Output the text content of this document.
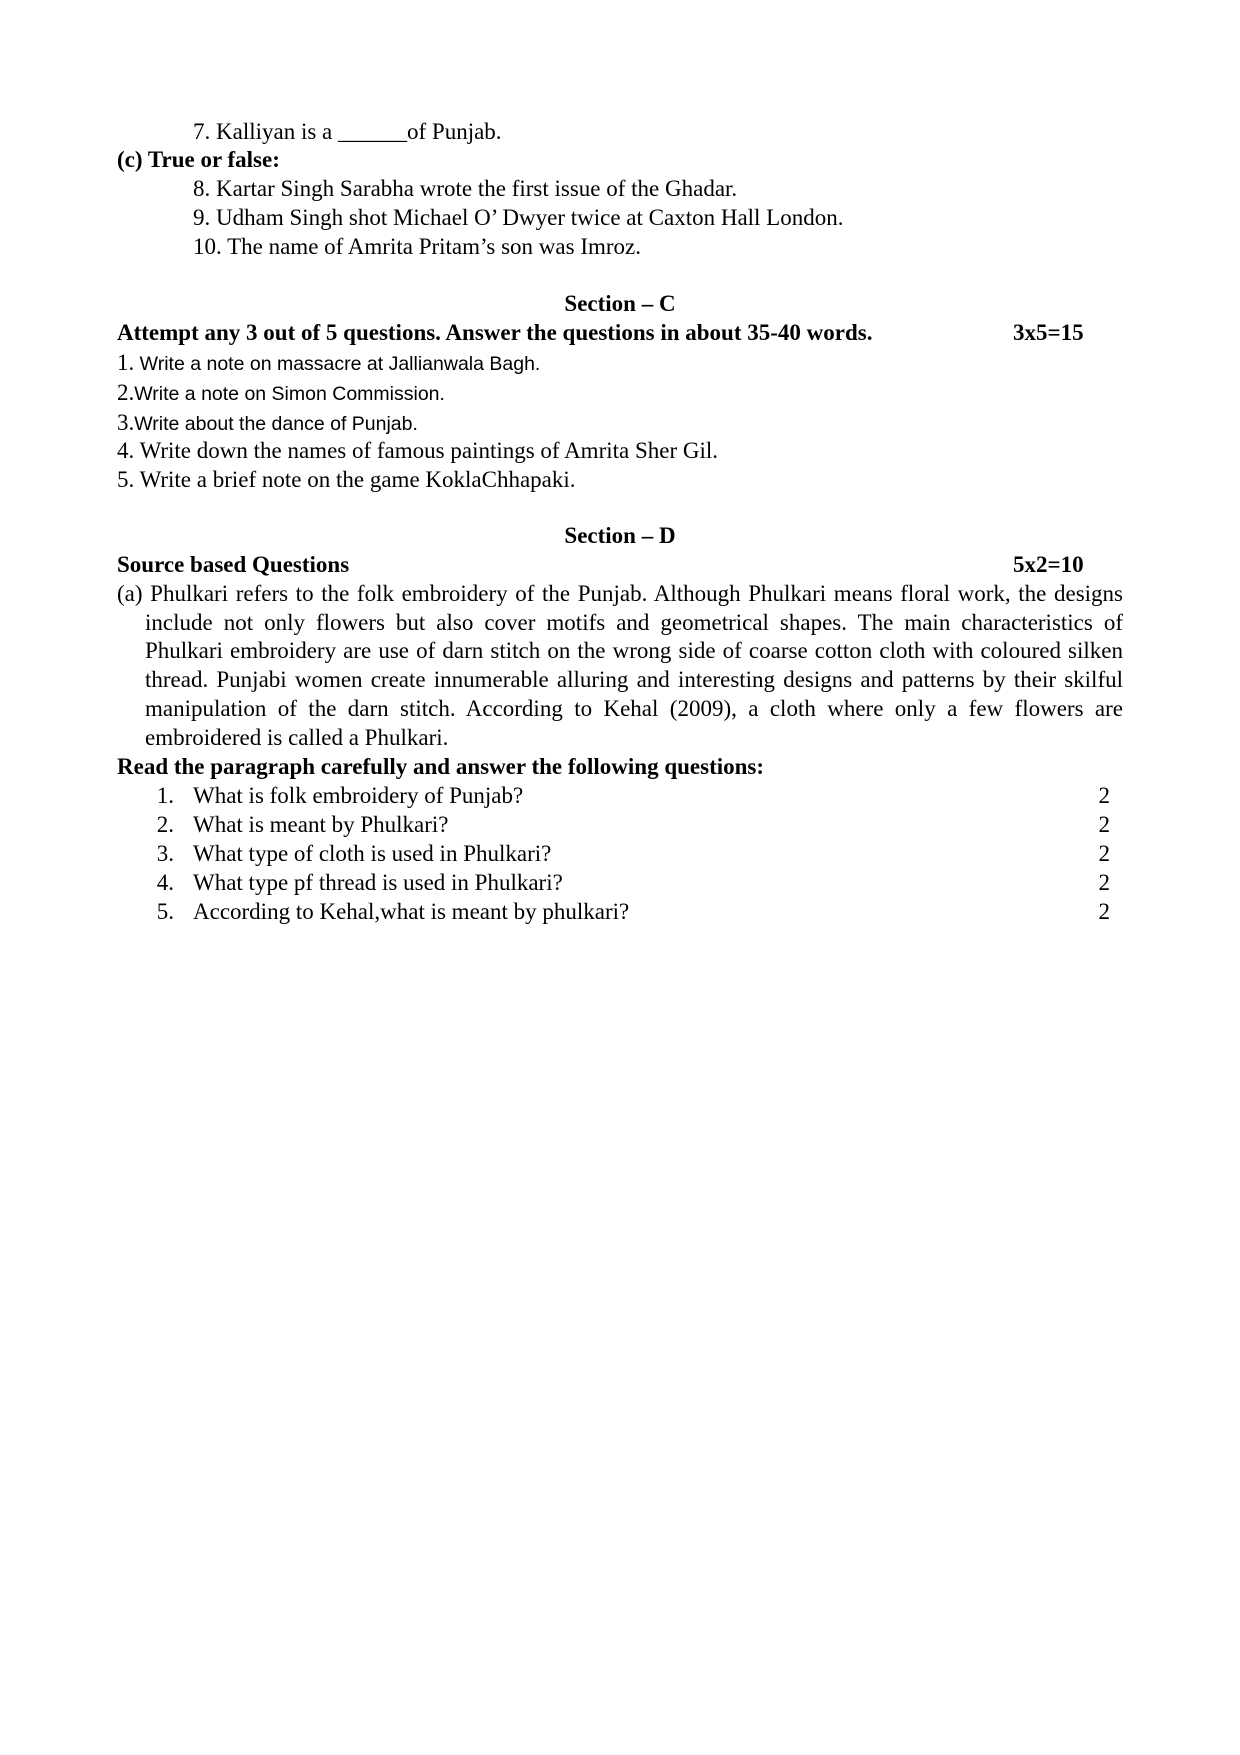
7. Kalliyan is a ______of Punjab.
(c) True or false:
8. Kartar Singh Sarabha wrote the first issue of the Ghadar.
9. Udham Singh shot Michael O’ Dwyer twice at Caxton Hall London.
10. The name of Amrita Pritam’s son was Imroz.
Section – C
Attempt any 3 out of 5 questions. Answer the questions in about 35-40 words.	3x5=15
1. Write a note on massacre at Jallianwala Bagh.
2.Write a note on Simon Commission.
3.Write about the dance of Punjab.
4. Write down the names of famous paintings of Amrita Sher Gil.
5. Write a brief note on the game KoklaChhapaki.
Section – D
Source based Questions	5x2=10
(a) Phulkari refers to the folk embroidery of the Punjab. Although Phulkari means floral work, the designs include not only flowers but also cover motifs and geometrical shapes. The main characteristics of Phulkari embroidery are use of darn stitch on the wrong side of coarse cotton cloth with coloured silken thread. Punjabi women create innumerable alluring and interesting designs and patterns by their skilful manipulation of the darn stitch. According to Kehal (2009), a cloth where only a few flowers are embroidered is called a Phulkari.
Read the paragraph carefully and answer the following questions:
1. What is folk embroidery of Punjab?	2
2. What is meant by Phulkari?	2
3. What type of cloth is used in Phulkari?	2
4. What type pf thread is used in Phulkari?	2
5. According to Kehal,what is meant by phulkari?	2
